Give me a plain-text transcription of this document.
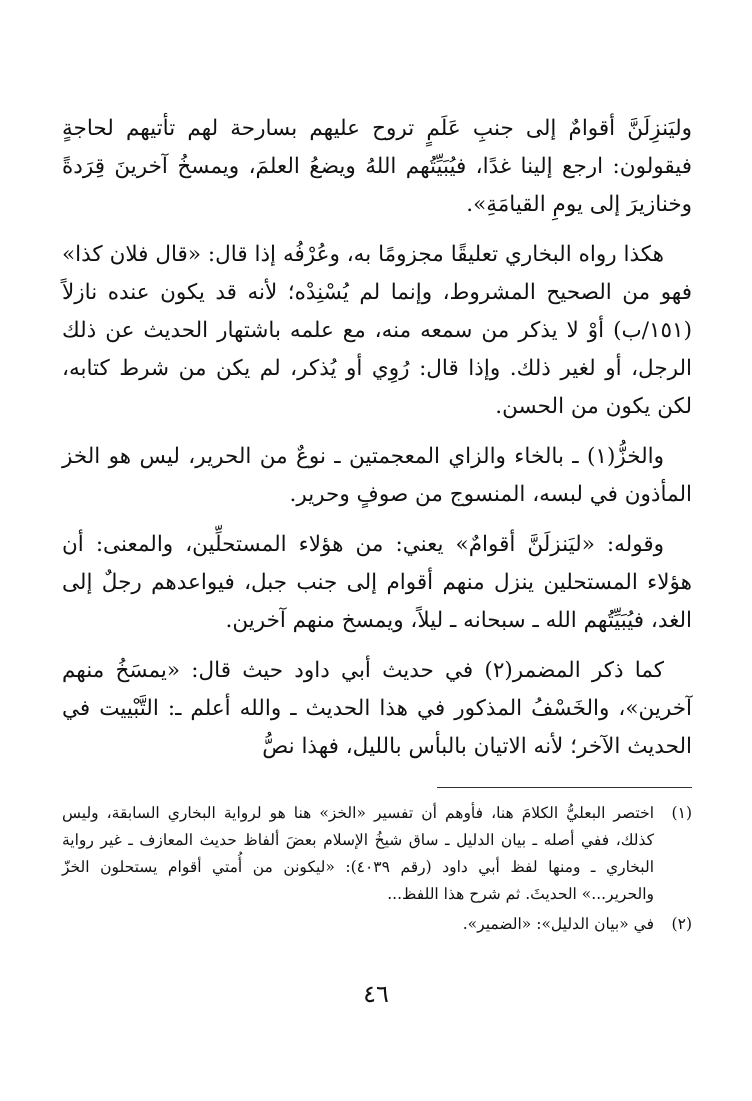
وليَنزِلَنَّ أقوامٌ إلى جنبِ عَلَمٍ تروح عليهم بسارحة لهم تأتيهم لحاجةٍ فيقولون: ارجع إلينا غدًا، فيُبَيِّتُهم اللهُ ويضعُ العلمَ، ويمسخُ آخرينَ قِرَدةً وخنازيرَ إلى يومِ القيامَةِ».

هكذا رواه البخاري تعليقًا مجزومًا به، وعُرْفُه إذا قال: «قال فلان كذا» فهو من الصحيح المشروط، وإنما لم يُسْنِدْه؛ لأنه قد يكون عنده نازلاً (١٥١/ب) أوْ لا يذكر من سمعه منه، مع علمه باشتهار الحديث عن ذلك الرجل، أو لغير ذلك. وإذا قال: رُوِي أو يُذكر، لم يكن من شرط كتابه، لكن يكون من الحسن.

والخزُّ(١) ـ بالخاء والزاي المعجمتين ـ نوعٌ من الحرير، ليس هو الخز المأذون في لبسه، المنسوج من صوفٍ وحرير.

وقوله: «ليَنزلَنَّ أقوامٌ» يعني: من هؤلاء المستحلِّين، والمعنى: أن هؤلاء المستحلين ينزل منهم أقوام إلى جنب جبل، فيواعدهم رجلٌ إلى الغد، فيُبَيِّتُهم الله ـ سبحانه ـ ليلاً، ويمسخ منهم آخرين.

كما ذكر المضمر(٢) في حديث أبي داود حيث قال: «يمسَخُ منهم آخرين»، والخَسْفُ المذكور في هذا الحديث ـ والله أعلم ـ: التَّبْييت في الحديث الآخر؛ لأنه الاتيان بالبأس بالليل، فهذا نصُّ

(١)
اختصر البعليُّ الكلامَ هنا، فأوهم أن تفسير «الخز» هنا هو لرواية البخاري السابقة، وليس كذلك، ففي أصله ـ بيان الدليل ـ ساق شيخُ الإسلام بعضَ ألفاظ حديث المعازف ـ غير رواية البخاري ـ ومنها لفظ أبي داود (رقم ٤٠٣٩): «ليكونن من أُمتي أقوام يستحلون الخزّ والحرير...» الحديثَ. ثم شرح هذا اللفظ...
(٢)
في «بيان الدليل»: «الضمير».
٤٦
